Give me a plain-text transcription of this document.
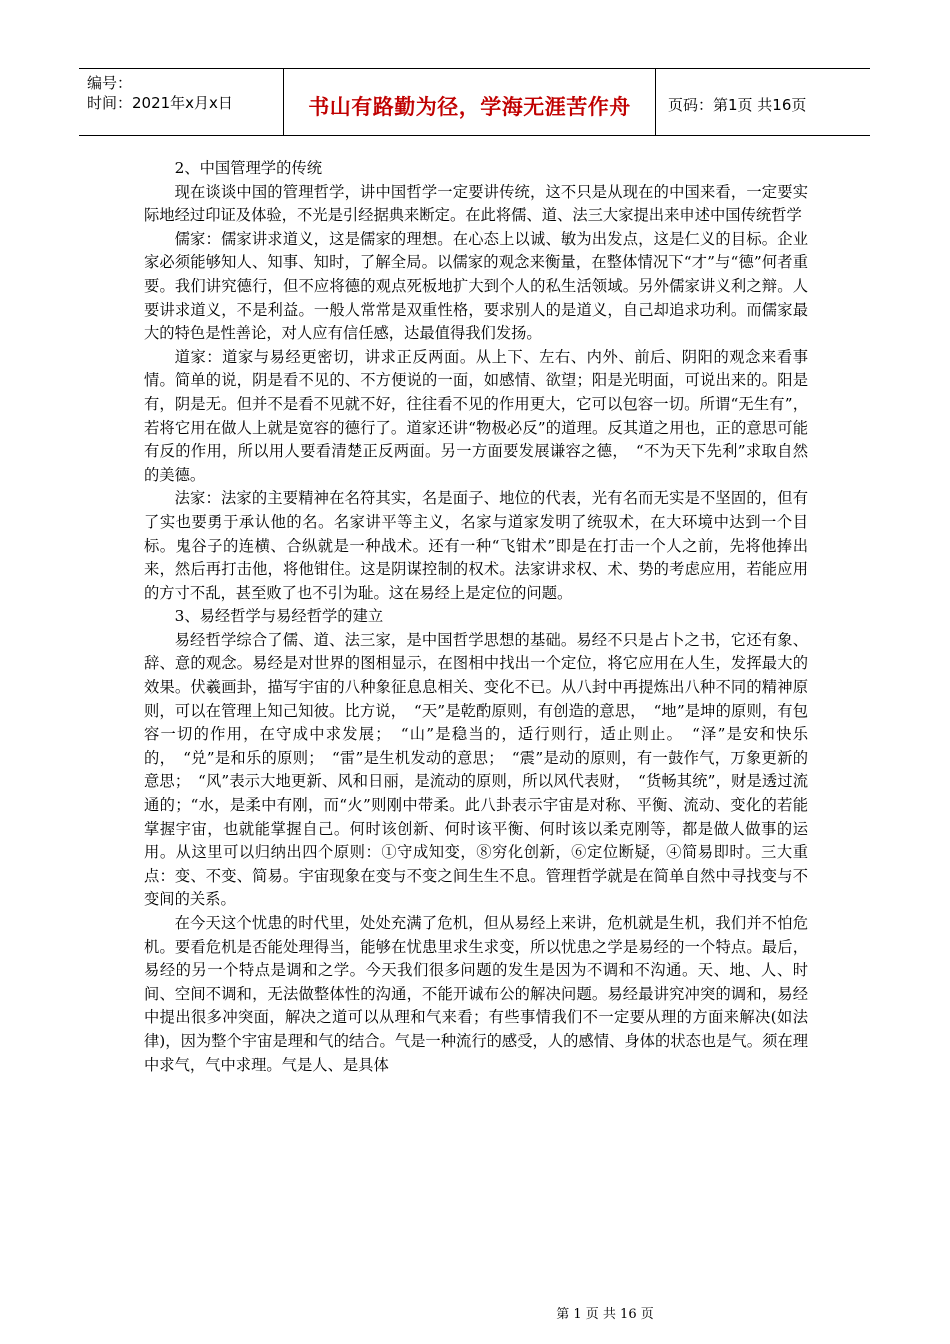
编号：
时间：2021年x月x日	书山有路勤为径，学海无涯苦作舟	页码：第1页 共16页

2、中国管理学的传统

现在谈谈中国的管理哲学，讲中国哲学一定要讲传统，这不只是从现在的中国来看，一定要实际地经过印证及体验，不光是引经据典来断定。在此将儒、道、法三大家提出来申述中国传统哲学

儒家：儒家讲求道义，这是儒家的理想。在心态上以诚、敏为出发点，这是仁义的目标。企业家必须能够知人、知事、知时，了解全局。以儒家的观念来衡量，在整体情况下“才”与“德”何者重要。我们讲究德行，但不应将德的观点死板地扩大到个人的私生活领域。另外儒家讲义利之辩。人要讲求道义，不是利益。一般人常常是双重性格，要求别人的是道义，自己却追求功利。而儒家最大的特色是性善论，对人应有信任感，达最值得我们发扬。

道家：道家与易经更密切，讲求正反两面。从上下、左右、内外、前后、阴阳的观念来看事情。简单的说，阴是看不见的、不方便说的一面，如感情、欲望；阳是光明面，可说出来的。阳是有，阴是无。但并不是看不见就不好，往往看不见的作用更大，它可以包容一切。所谓“无生有”，若将它用在做人上就是宽容的德行了。道家还讲“物极必反”的道理。反其道之用也，正的意思可能有反的作用，所以用人要看清楚正反两面。另一方面要发展谦容之德，　“不为天下先利”求取自然的美德。

法家：法家的主要精神在名符其实，名是面子、地位的代表，光有名而无实是不坚固的，但有了实也要勇于承认他的名。名家讲平等主义，名家与道家发明了统驭术，在大环境中达到一个目标。鬼谷子的连横、合纵就是一种战术。还有一种“飞钳术”即是在打击一个人之前，先将他捧出来，然后再打击他，将他钳住。这是阴谋控制的权术。法家讲求权、术、势的考虑应用，若能应用的方寸不乱，甚至败了也不引为耻。这在易经上是定位的问题。

3、易经哲学与易经哲学的建立

易经哲学综合了儒、道、法三家，是中国哲学思想的基础。易经不只是占卜之书，它还有象、辞、意的观念。易经是对世界的图相显示，在图相中找出一个定位，将它应用在人生，发挥最大的效果。伏羲画卦，描写宇宙的八种象征息息相关、变化不已。从八封中再提炼出八种不同的精神原则，可以在管理上知己知彼。比方说，　“天”是乾酌原则，有创造的意思，　“地”是坤的原则，有包容一切的作用，在守成中求发展；　“山”是稳当的，适行则行，适止则止。　“泽”是安和快乐的，　“兑”是和乐的原则；　“雷”是生机发动的意思；　“震”是动的原则，有一鼓作气，万象更新的意思；　“风”表示大地更新、风和日丽，是流动的原则，所以风代表财，　“货畅其统”，财是透过流通的；“水，是柔中有刚，而“火”则刚中带柔。此八卦表示宇宙是对称、平衡、流动、变化的若能掌握宇宙，也就能掌握自己。何时该创新、何时该平衡、何时该以柔克刚等，都是做人做事的运用。从这里可以归纳出四个原则：①守成知变，⑧穷化创新，⑥定位断疑，④简易即时。三大重点：变、不变、简易。宇宙现象在变与不变之间生生不息。管理哲学就是在简单自然中寻找变与不变间的关系。

在今天这个忧患的时代里，处处充满了危机，但从易经上来讲，危机就是生机，我们并不怕危机。要看危机是否能处理得当，能够在忧患里求生求变，所以忧患之学是易经的一个特点。最后，易经的另一个特点是调和之学。今天我们很多问题的发生是因为不调和不沟通。天、地、人、时间、空间不调和，无法做整体性的沟通，不能开诚布公的解决问题。易经最讲究冲突的调和，易经中提出很多冲突面，解决之道可以从理和气来看；有些事情我们不一定要从理的方面来解决(如法律)，因为整个宇宙是理和气的结合。气是一种流行的感受，人的感情、身体的状态也是气。须在理中求气，气中求理。气是人、是具体

第 1 页 共 16 页
